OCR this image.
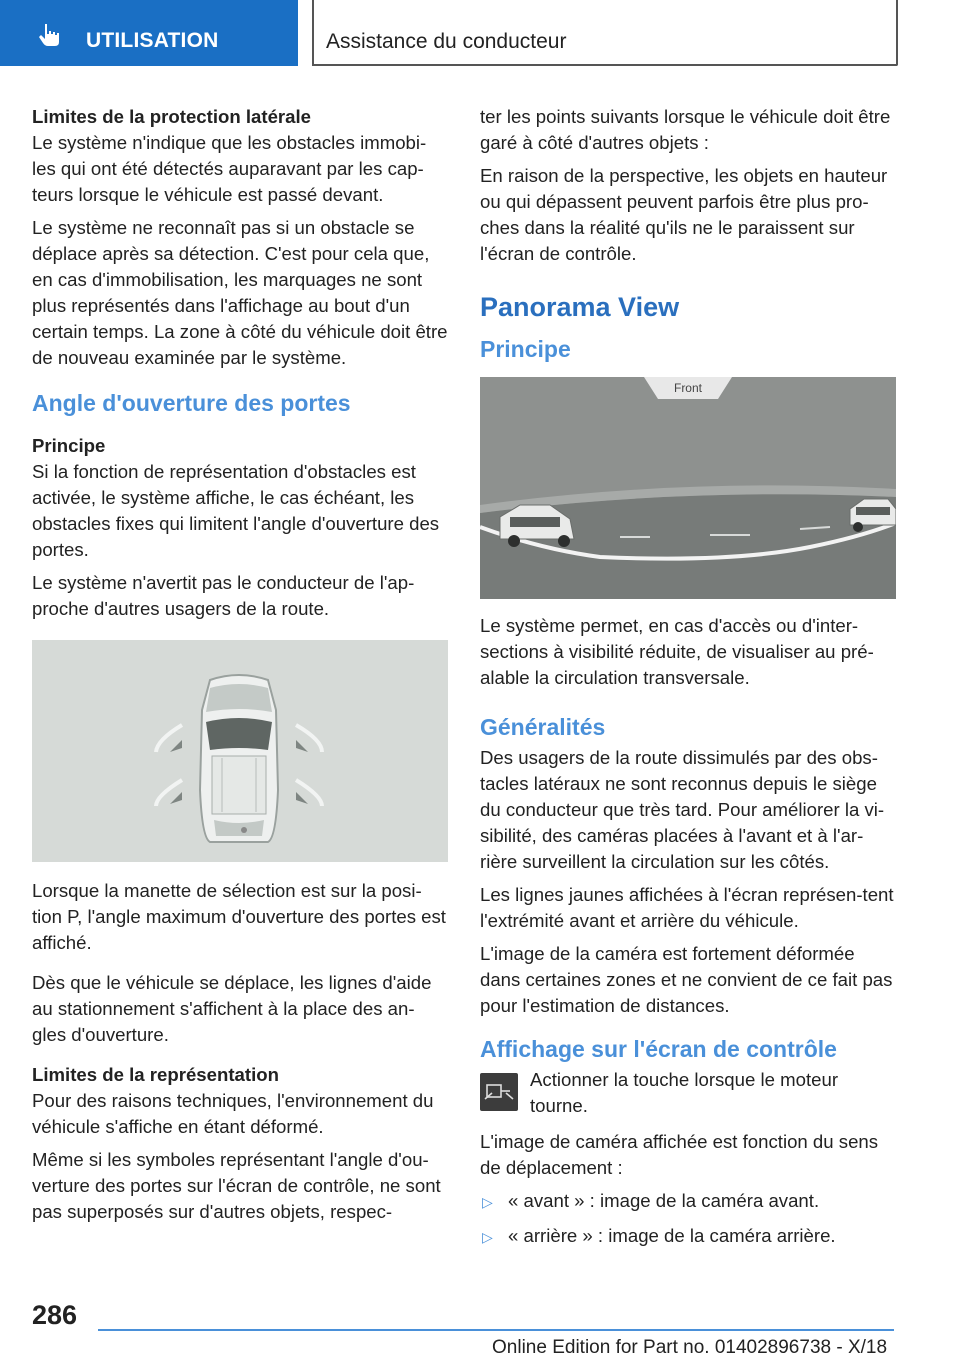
UTILISATION	Assistance du conducteur
Limites de la protection latérale

Le système n'indique que les obstacles immobi-les qui ont été détectés auparavant par les cap-teurs lorsque le véhicule est passé devant.

Le système ne reconnaît pas si un obstacle se déplace après sa détection. C'est pour cela que, en cas d'immobilisation, les marquages ne sont plus représentés dans l'affichage au bout d'un certain temps. La zone à côté du véhicule doit être de nouveau examinée par le système.

Angle d'ouverture des portes
Principe

Si la fonction de représentation d'obstacles est activée, le système affiche, le cas échéant, les obstacles fixes qui limitent l'angle d'ouverture des portes.

Le système n'avertit pas le conducteur de l'ap-proche d'autres usagers de la route.

Lorsque la manette de sélection est sur la posi-tion P, l'angle maximum d'ouverture des portes est affiché.

Dès que le véhicule se déplace, les lignes d'aide au stationnement s'affichent à la place des an-gles d'ouverture.

Limites de la représentation

Pour des raisons techniques, l'environnement du véhicule s'affiche en étant déformé.

Même si les symboles représentant l'angle d'ou-verture des portes sur l'écran de contrôle, ne sont pas superposés sur d'autres objets, respec-

ter les points suivants lorsque le véhicule doit être garé à côté d'autres objets :

En raison de la perspective, les objets en hauteur ou qui dépassent peuvent parfois être plus pro-ches dans la réalité qu'ils ne le paraissent sur l'écran de contrôle.

Panorama View
Principe
Front

Le système permet, en cas d'accès ou d'inter-sections à visibilité réduite, de visualiser au pré-alable la circulation transversale.

Généralités

Des usagers de la route dissimulés par des obs-tacles latéraux ne sont reconnus depuis le siège du conducteur que très tard. Pour améliorer la vi-sibilité, des caméras placées à l'avant et à l'ar-rière surveillent la circulation sur les côtés.

Les lignes jaunes affichées à l'écran représen-tent l'extrémité avant et arrière du véhicule.

L'image de la caméra est fortement déformée dans certaines zones et ne convient de ce fait pas pour l'estimation de distances.

Affichage sur l'écran de contrôle
Actionner la touche lorsque le moteur tourne.

L'image de caméra affichée est fonction du sens de déplacement :

▷ « avant » : image de la caméra avant.
▷ « arrière » : image de la caméra arrière.
286
Online Edition for Part no. 01402896738 - X/18
